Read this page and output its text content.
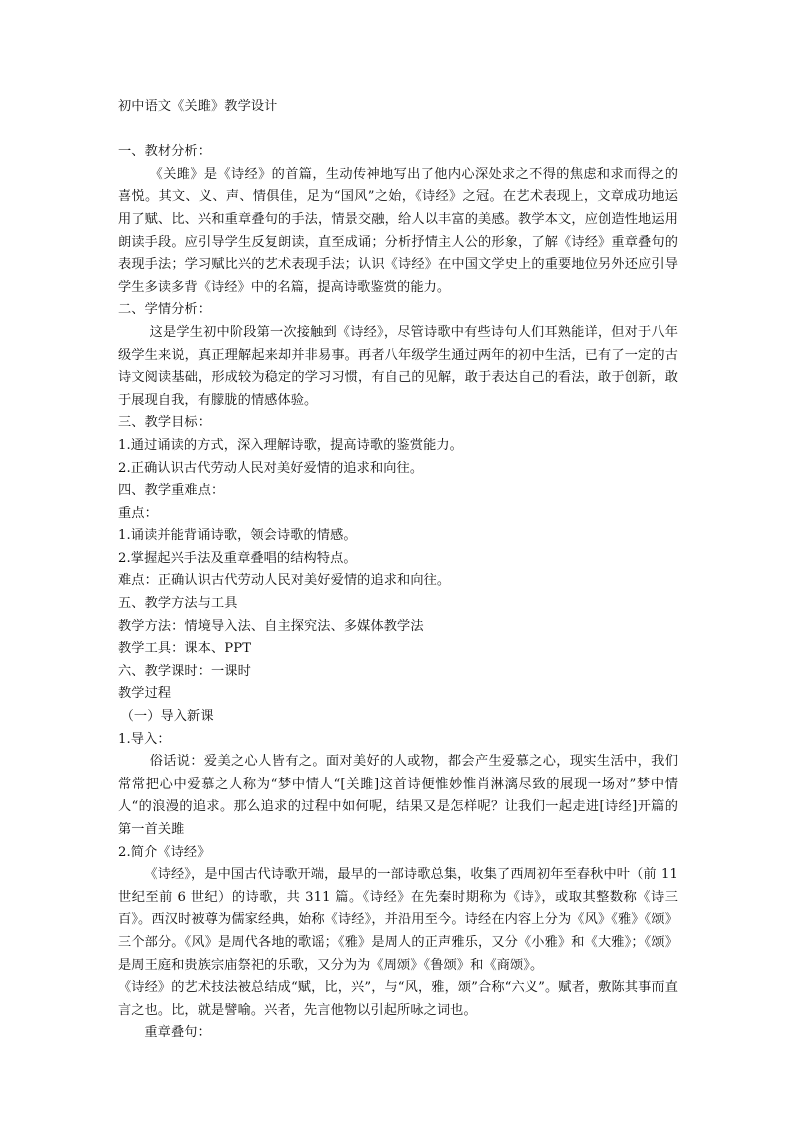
初中语文《关雎》教学设计

一、教材分析：

《关雎》是《诗经》的首篇，生动传神地写出了他内心深处求之不得的焦虑和求而得之的喜悦。其文、义、声、情俱佳，足为“国风”之始，《诗经》之冠。在艺术表现上，文章成功地运用了赋、比、兴和重章叠句的手法，情景交融，给人以丰富的美感。教学本文，应创造性地运用朗读手段。应引导学生反复朗读，直至成诵；分析抒情主人公的形象，了解《诗经》重章叠句的表现手法；学习赋比兴的艺术表现手法；认识《诗经》在中国文学史上的重要地位另外还应引导学生多读多背《诗经》中的名篇，提高诗歌鉴赏的能力。

二、学情分析：

这是学生初中阶段第一次接触到《诗经》，尽管诗歌中有些诗句人们耳熟能详，但对于八年级学生来说，真正理解起来却并非易事。再者八年级学生通过两年的初中生活，已有了一定的古诗文阅读基础，形成较为稳定的学习习惯，有自己的见解，敢于表达自己的看法，敢于创新，敢于展现自我，有朦胧的情感体验。

三、教学目标：

1.通过诵读的方式，深入理解诗歌，提高诗歌的鉴赏能力。

2.正确认识古代劳动人民对美好爱情的追求和向往。

四、教学重难点：

重点：

1.诵读并能背诵诗歌，领会诗歌的情感。

2.掌握起兴手法及重章叠唱的结构特点。

难点：正确认识古代劳动人民对美好爱情的追求和向往。

五、教学方法与工具

教学方法：情境导入法、自主探究法、多媒体教学法

教学工具：课本、PPT

六、教学课时：一课时

教学过程

（一）导入新课

1.导入：

俗话说：爱美之心人皆有之。面对美好的人或物，都会产生爱慕之心，现实生活中，我们常常把心中爱慕之人称为“梦中情人“[关雎]这首诗便惟妙惟肖淋漓尽致的展现一场对”梦中情人“的浪漫的追求。那么追求的过程中如何呢，结果又是怎样呢？让我们一起走进[诗经]开篇的第一首关雎

2.简介《诗经》

《诗经》，是中国古代诗歌开端，最早的一部诗歌总集，收集了西周初年至春秋中叶（前 11 世纪至前 6 世纪）的诗歌，共 311 篇。《诗经》在先秦时期称为《诗》，或取其整数称《诗三百》。西汉时被尊为儒家经典，始称《诗经》，并沿用至今。诗经在内容上分为《风》《雅》《颂》三个部分。《风》是周代各地的歌谣；《雅》是周人的正声雅乐，又分《小雅》和《大雅》；《颂》是周王庭和贵族宗庙祭祀的乐歌，又分为为《周颂》《鲁颂》和《商颂》。

《诗经》的艺术技法被总结成“赋，比，兴”，与“风，雅，颂”合称“六义”。赋者，敷陈其事而直言之也。比，就是譬喻。兴者，先言他物以引起所咏之词也。

重章叠句：
